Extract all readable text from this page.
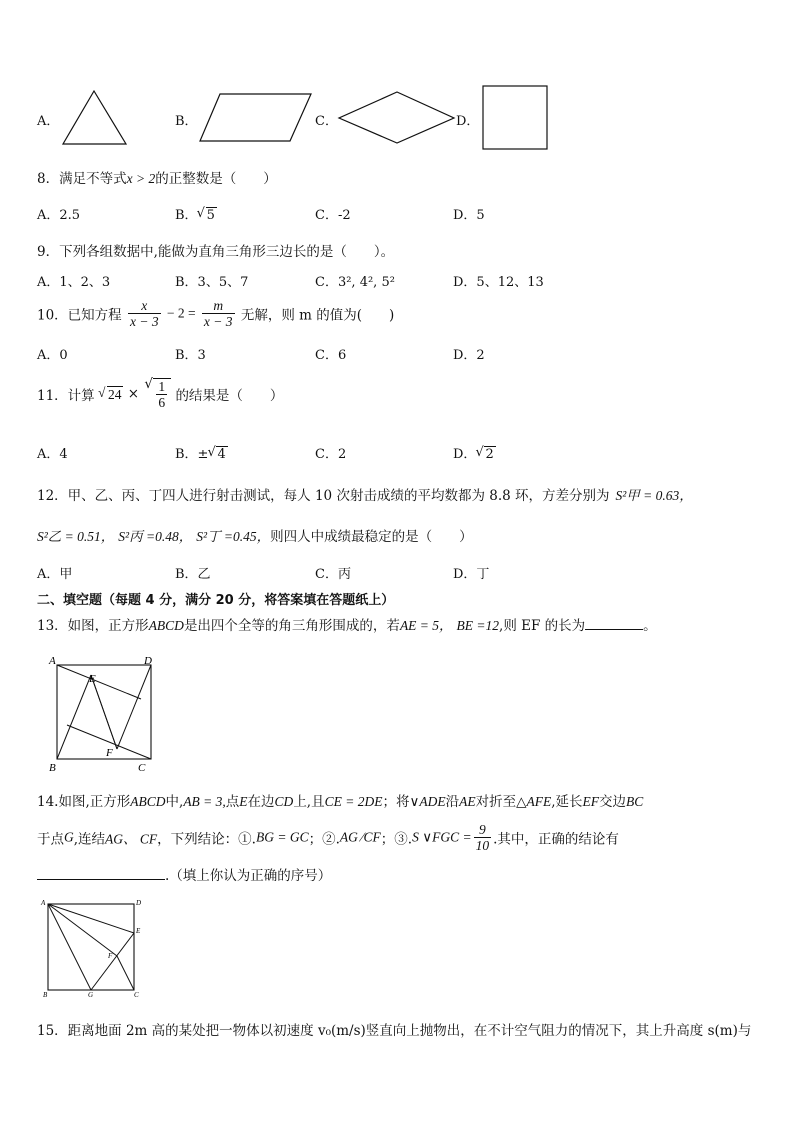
A．	B．	C．	D．
8．满足不等式x > 2的正整数是（　　）
A．2.5	B． √ 5	C．-2	D．5
9．下列各组数据中,能做为直角三角形三边长的是（　　）。
A．1、2、3	B．3、5、7	C．3², 4², 5²	D．5、12、13
10．已知方程 $\frac{x}{x - 3} - 2 = \frac{m}{x - 3}$ 无解，则 m 的值为(　　)
A．0	B．3	C．6	D．2
11．计算 √ 24 × √ $\frac{1}{6}$ 的结果是（　　）
A．4	B．± √ 4	C．2	D． √ 2
12．甲、乙、丙、丁四人进行射击测试，每人 10 次射击成绩的平均数都为 8.8 环，方差分别为 S²甲 = 0.63，
S²乙 = 0.51， S²丙 =0.48， S²丁 =0.45，则四人中成绩最稳定的是（　　）
A．甲	B．乙	C．丙	D．丁
二、填空题（每题 4 分，满分 20 分，将答案填在答题纸上）
13．如图，正方形ABCD是出四个全等的角三角形围成的，若AE = 5， BE =12,则 EF 的长为	。
A	D
B	C
E
F
14.如图,正方形ABCD中,AB = 3,点E在边CD上,且CE = 2DE；将∨ADE沿AE对折至△AFE,延长EF交边BC
于点G,连结AG、 CF，下列结论：①.BG = GC；②.AG ∕CF；③.S ∨FGC = $\frac{9}{10}$ .其中，正确的结论有
.（填上你认为正确的序号）
A	D
E
F
B	G	C
15．距离地面 2m 高的某处把一物体以初速度 v₀(m/s)竖直向上抛物出，在不计空气阻力的情况下，其上升高度 s(m)与
